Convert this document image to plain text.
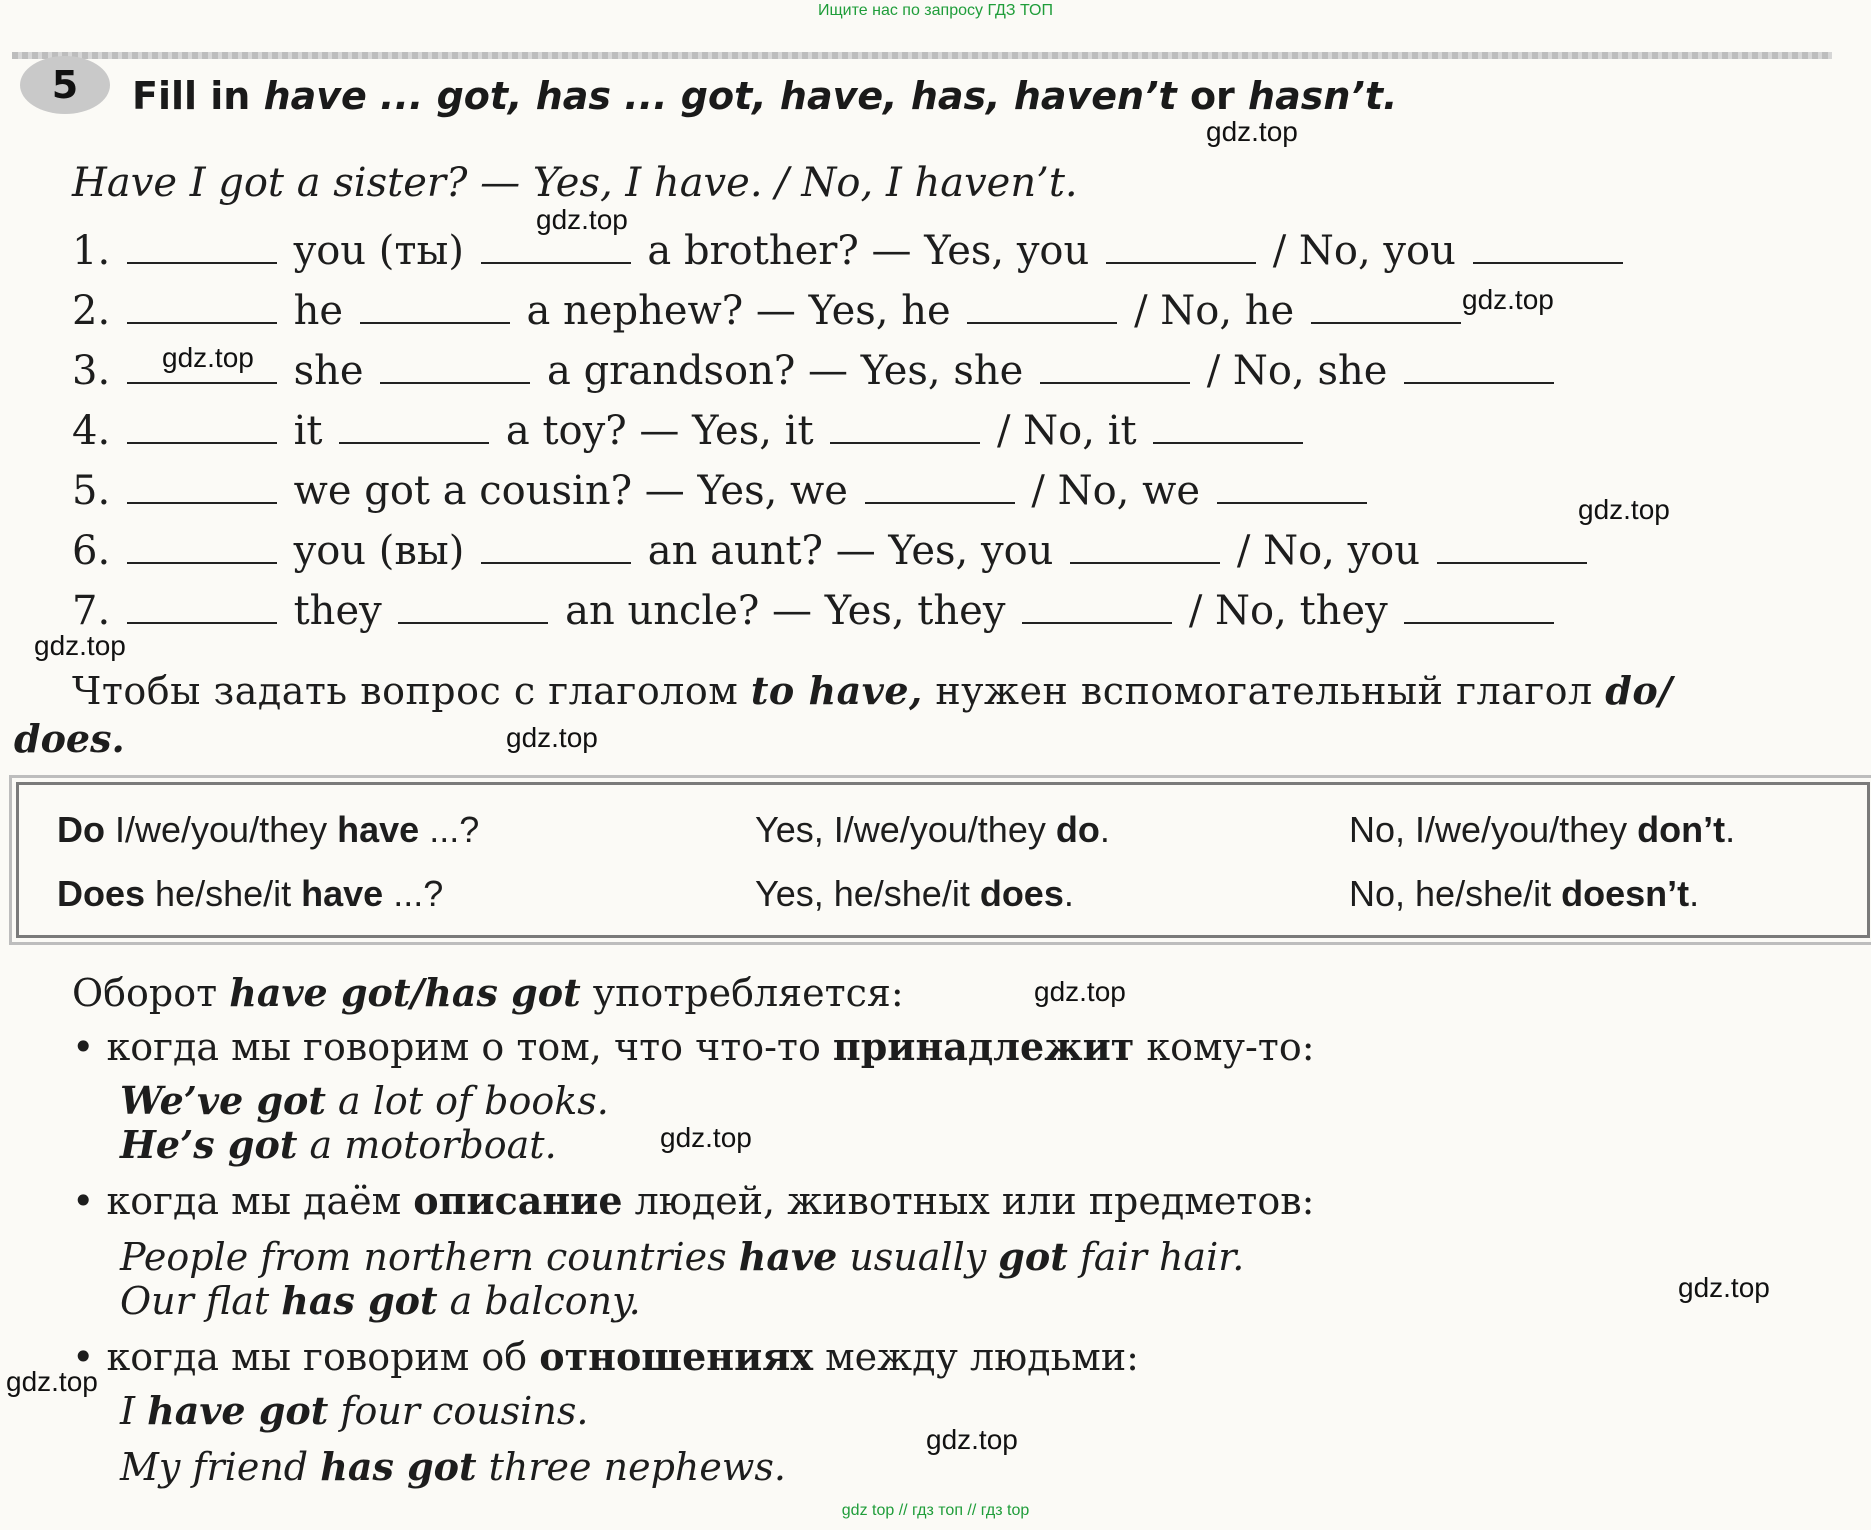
Ищите нас по запросу ГДЗ ТОП
5	Fill in have ... got, has ... got, have, has, haven’t or hasn’t.
Have I got a sister? — Yes, I have. / No, I haven’t.
1.	you (ты)	a brother? — Yes, you	/ No, you
2.	he	a nephew? — Yes, he	/ No, he
3.	she	a grandson? — Yes, she	/ No, she
4.	it	a toy? — Yes, it	/ No, it
5.	we got a cousin? — Yes, we	/ No, we
6.	you (вы)	an aunt? — Yes, you	/ No, you
7.	they	an uncle? — Yes, they	/ No, they
Чтобы задать вопрос с глаголом to have, нужен вспомогательный глагол do/
does.
Do I/we/you/they have ...?	Yes, I/we/you/they do.	No, I/we/you/they don’t.
Does he/she/it have ...?	Yes, he/she/it does.	No, he/she/it doesn’t.
Оборот have got/has got употребляется:
• когда мы говорим о том, что что-то принадлежит кому-то:
We’ve got a lot of books.
He’s got a motorboat.
• когда мы даём описание людей, животных или предметов:
People from northern countries have usually got fair hair.
Our flat has got a balcony.
• когда мы говорим об отношениях между людьми:
I have got four cousins.
My friend has got three nephews.
gdz.top
gdz.top
gdz.top
gdz.top
gdz.top
gdz.top
gdz.top
gdz.top
gdz.top
gdz.top
gdz.top
gdz.top
gdz top // гдз топ // гдз top
